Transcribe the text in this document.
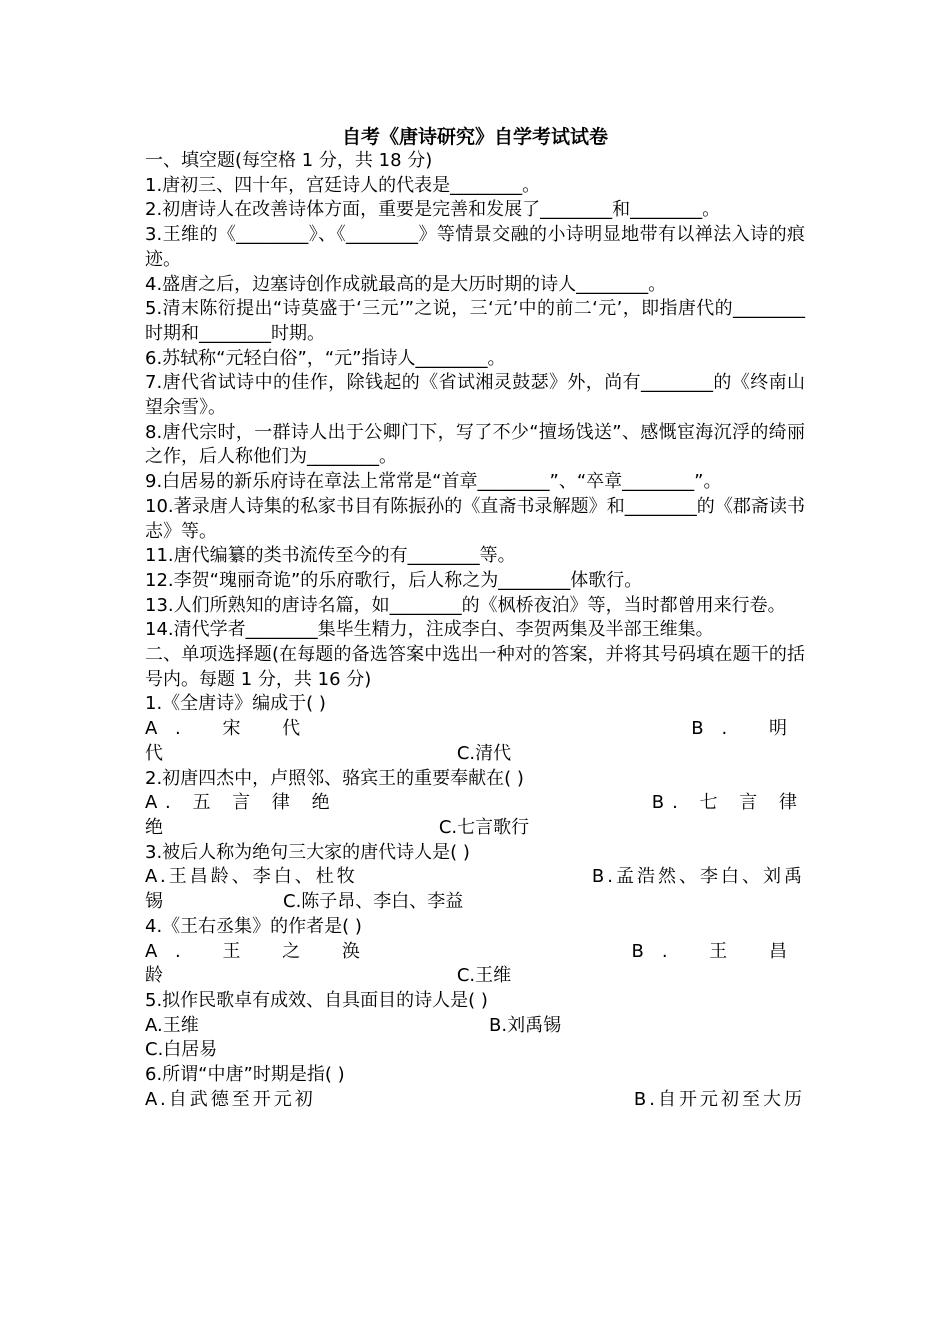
自考《唐诗研究》自学考试试卷

一、填空题(每空格 1 分，共 18 分)

1.唐初三、四十年，宫廷诗人的代表是________。

2.初唐诗人在改善诗体方面，重要是完善和发展了________和________。

3.王维的《________》、《________》等情景交融的小诗明显地带有以禅法入诗的痕迹。

4.盛唐之后，边塞诗创作成就最高的是大历时期的诗人________。

5.清末陈衍提出“诗莫盛于‘三元’”之说，三‘元’中的前二‘元’，即指唐代的________时期和________时期。

6.苏轼称“元轻白俗”，“元”指诗人________。

7.唐代省试诗中的佳作，除钱起的《省试湘灵鼓瑟》外，尚有________的《终南山望余雪》。

8.唐代宗时，一群诗人出于公卿门下，写了不少“擅场饯送”、感慨宦海沉浮的绮丽之作，后人称他们为________。

9.白居易的新乐府诗在章法上常常是“首章________”、“卒章________”。

10.著录唐人诗集的私家书目有陈振孙的《直斋书录解题》和________的《郡斋读书志》等。

11.唐代编纂的类书流传至今的有________等。

12.李贺“瑰丽奇诡”的乐府歌行，后人称之为________体歌行。

13.人们所熟知的唐诗名篇，如________的《枫桥夜泊》等，当时都曾用来行卷。

14.清代学者________集毕生精力，注成李白、李贺两集及半部王维集。

二、单项选择题(在每题的备选答案中选出一种对的答案，并将其号码填在题干的括号内。每题 1 分，共 16 分)

1.《全唐诗》编成于( )

A. 宋 代	B. 明
代	C.清代

2.初唐四杰中，卢照邻、骆宾王的重要奉献在( )

A. 五 言 律 绝	B. 七 言 律
绝	C.七言歌行

3.被后人称为绝句三大家的唐代诗人是( )

A.王昌龄、李白、杜牧	B.孟浩然、李白、刘禹
锡	C.陈子昂、李白、李益

4.《王右丞集》的作者是( )

A. 王 之 涣	B. 王 昌
龄	C.王维

5.拟作民歌卓有成效、自具面目的诗人是( )

A.王维	B.刘禹锡

C.白居易

6.所谓“中唐”时期是指( )

A.自武德至开元初	B.自开元初至大历
